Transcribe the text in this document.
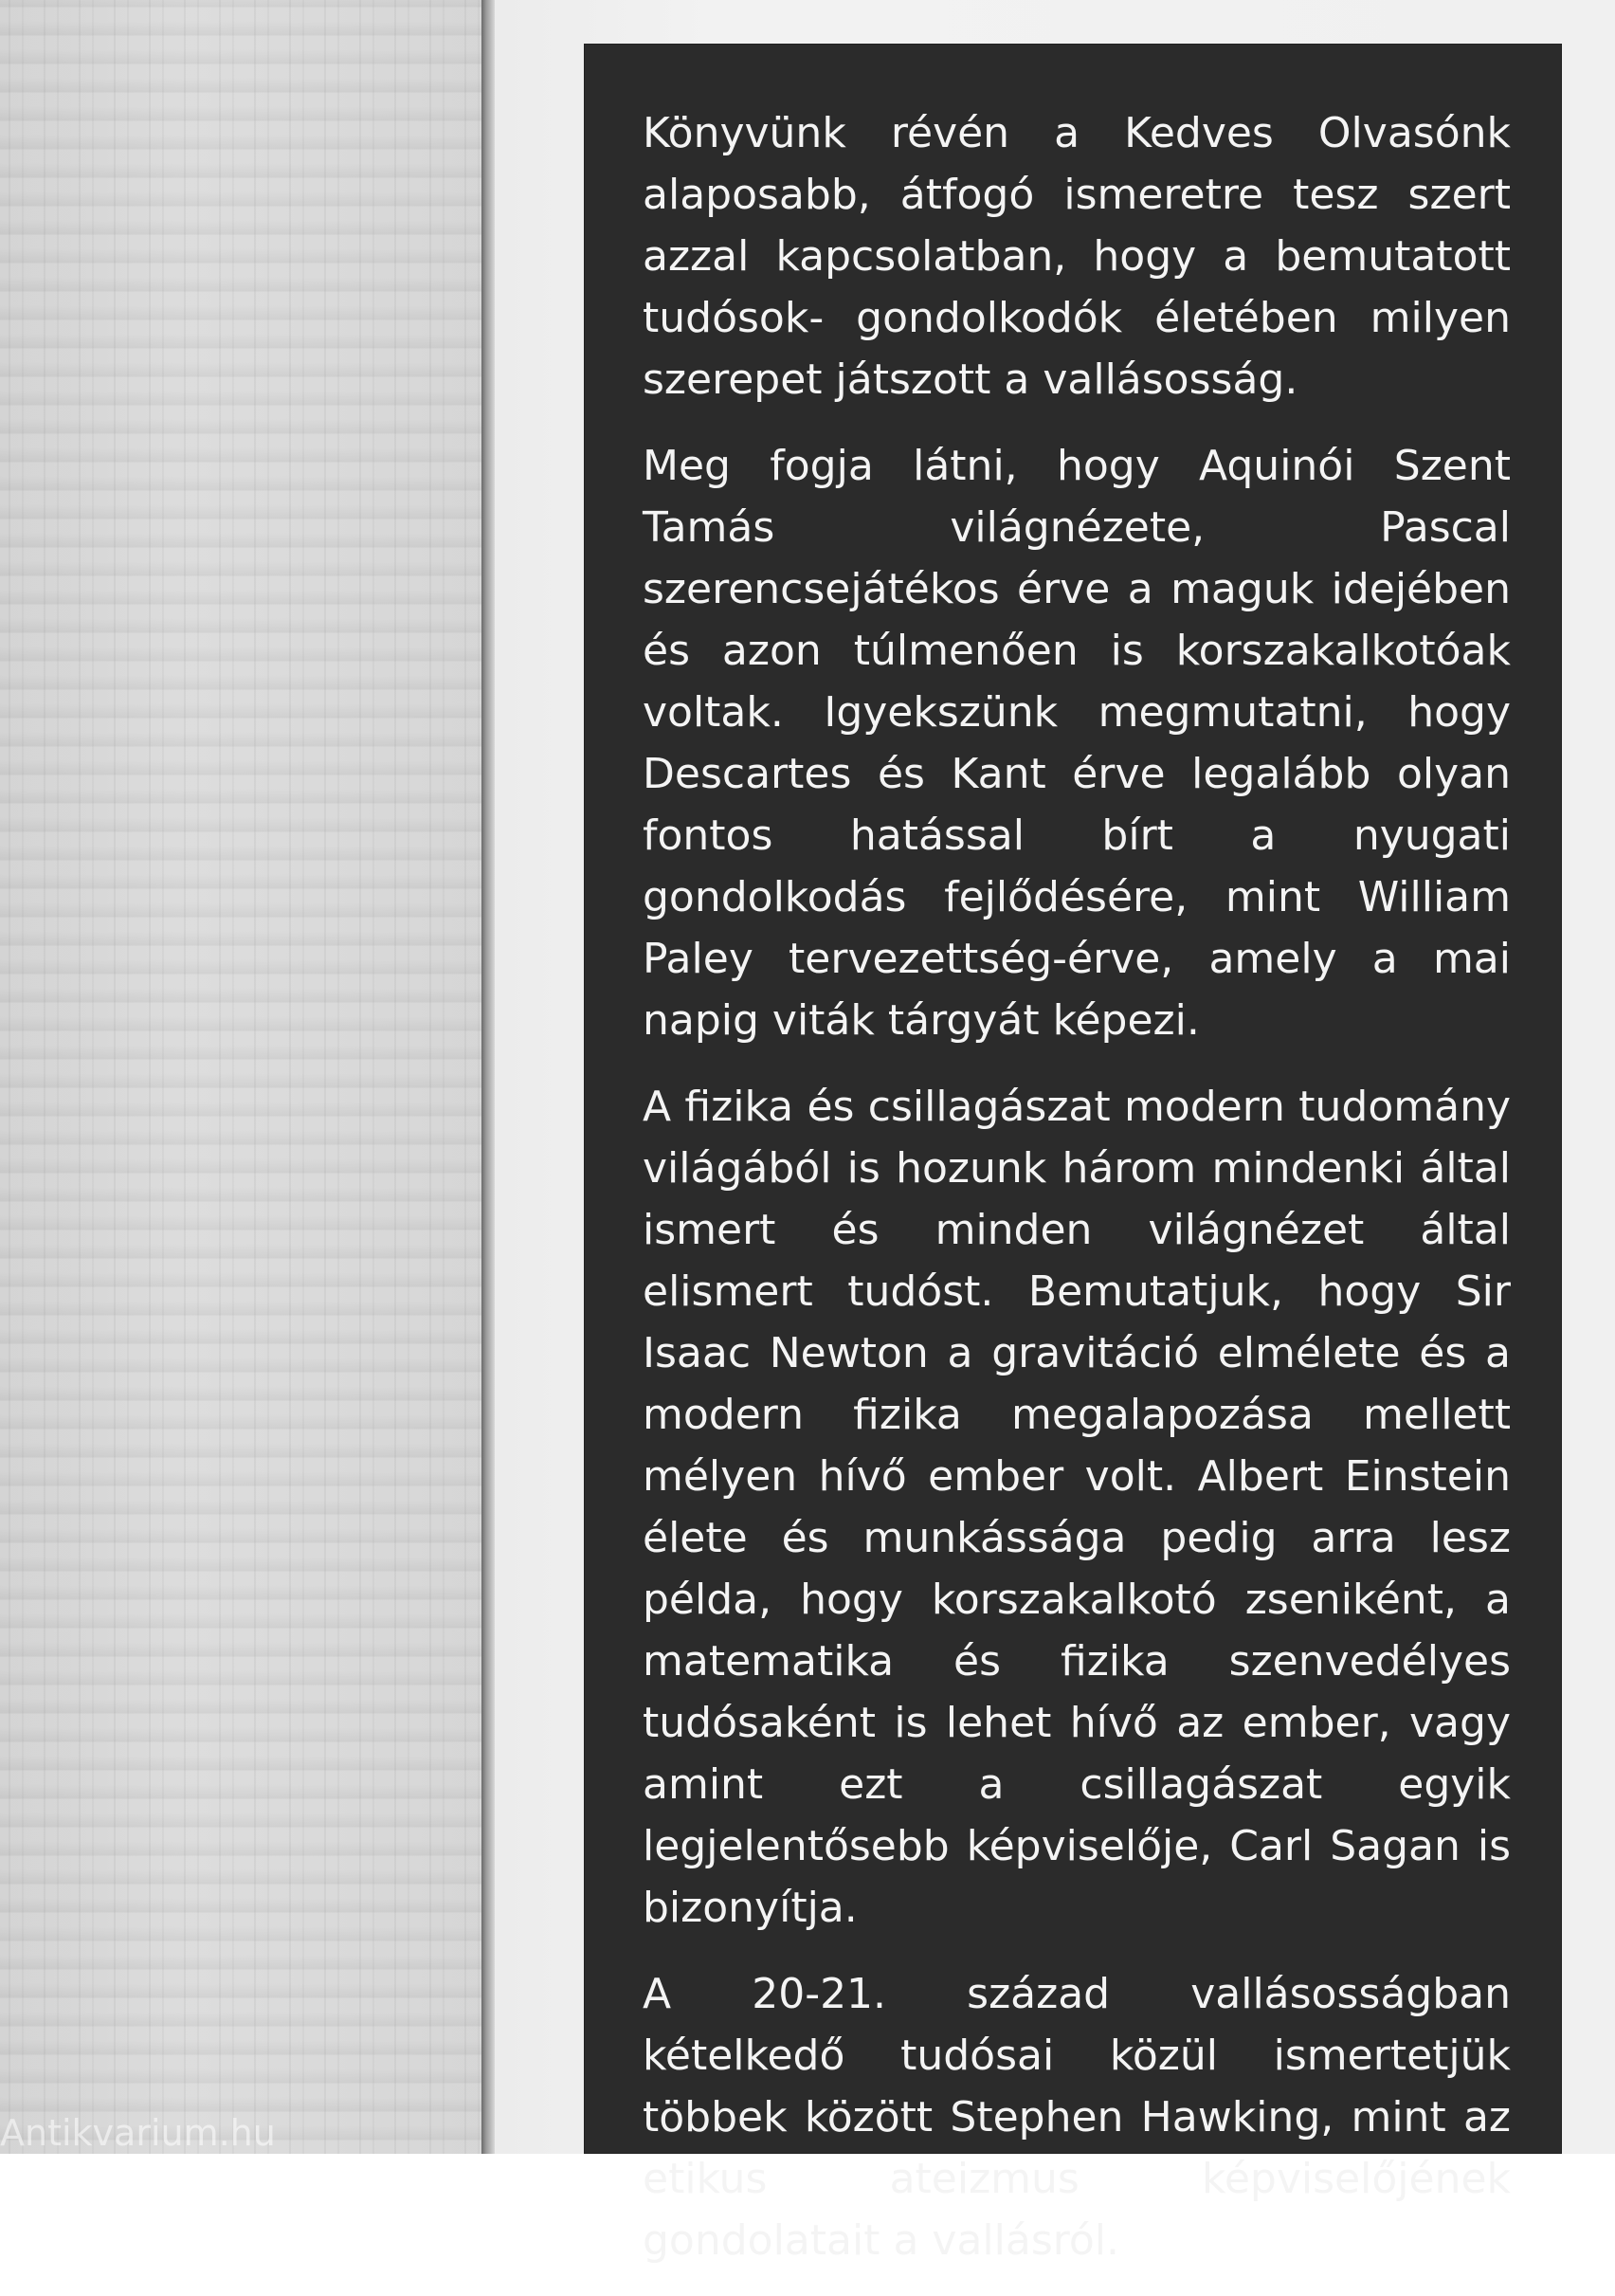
Könyvünk révén a Kedves Olvasónk alaposabb, átfogó ismeretre tesz szert azzal kapcsolatban, hogy a bemutatott tudósok- gondolkodók életében milyen szerepet játszott a vallásosság.

Meg fogja látni, hogy Aquinói Szent Tamás világnézete, Pascal szerencsejátékos érve a maguk idejében és azon túlmenően is korszakalkotóak voltak. Igyekszünk megmutatni, hogy Descartes és Kant érve legalább olyan fontos hatással bírt a nyugati gondolkodás fejlődésére, mint William Paley tervezettség-érve, amely a mai napig viták tárgyát képezi.

A fizika és csillagászat modern tudomány világából is hozunk három mindenki által ismert és minden világnézet által elismert tudóst. Bemutatjuk, hogy Sir Isaac Newton a gravitáció elmélete és a modern fizika megalapozása mellett mélyen hívő ember volt. Albert Einstein élete és munkássága pedig arra lesz példa, hogy korszakalkotó zseniként, a matematika és fizika szenvedélyes tudósaként is lehet hívő az ember, vagy amint ezt a csillagászat egyik legjelentősebb képviselője, Carl Sagan is bizonyítja.

A 20-21. század vallásosságban kételkedő tudósai közül ismertetjük többek között Stephen Hawking, mint az etikus ateizmus képviselőjének gondolatait a vallásról.

Antikvarium.hu
